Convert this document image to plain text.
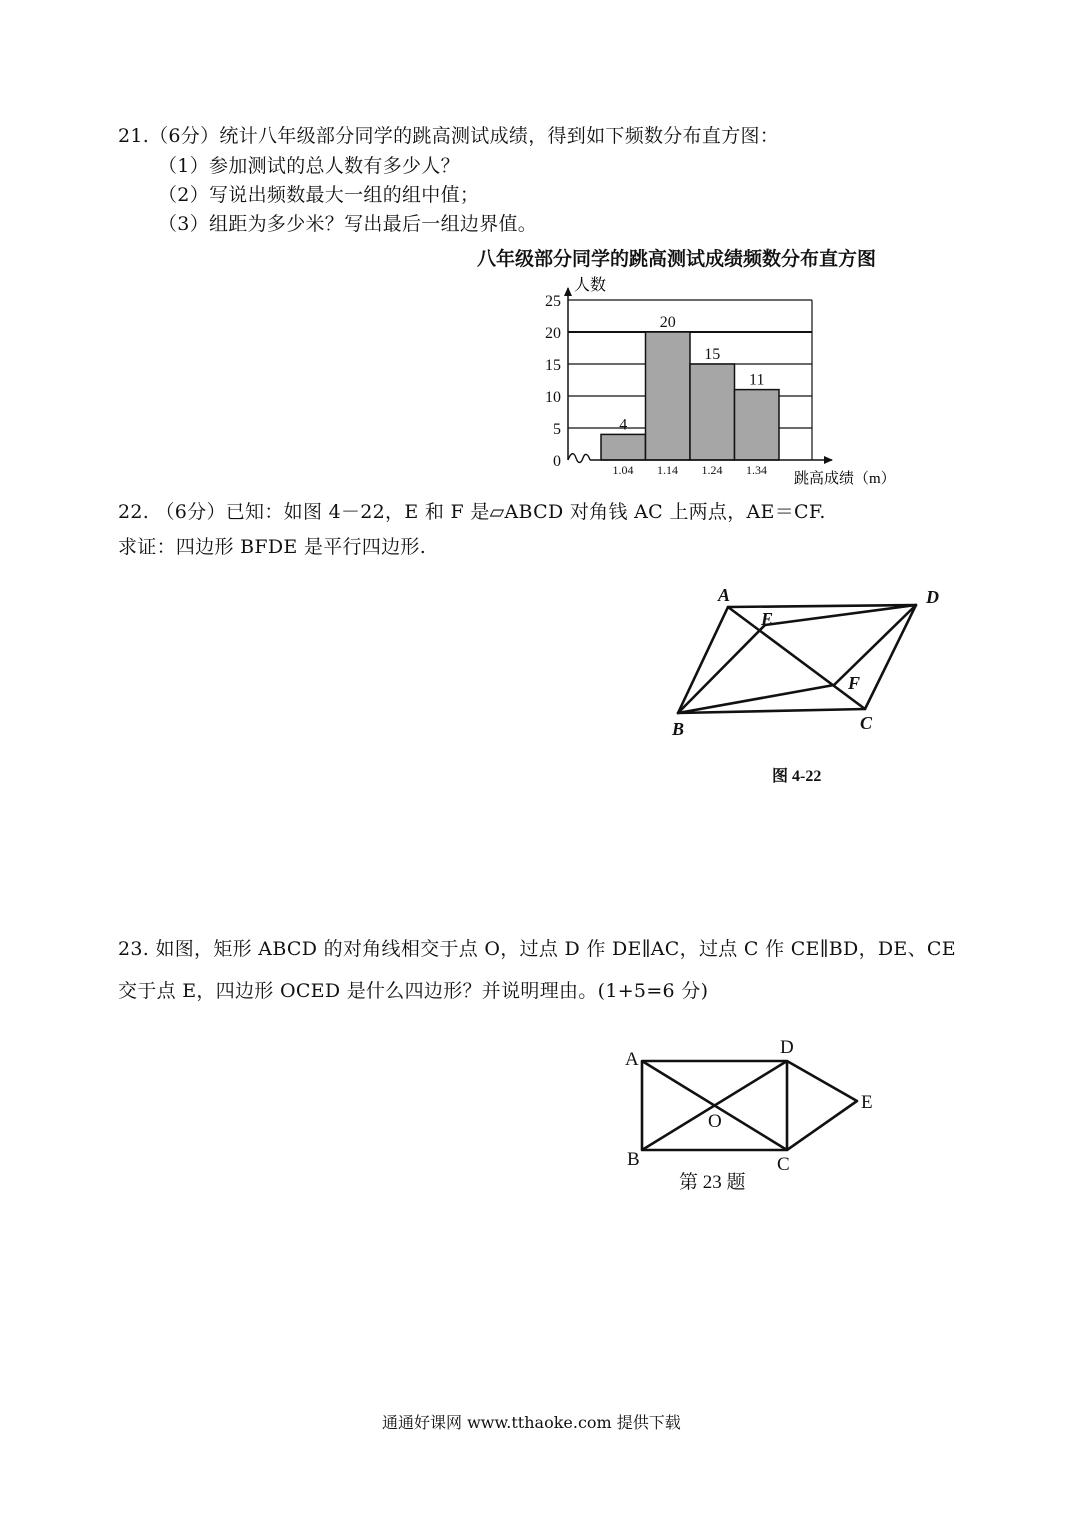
21.（6分）统计八年级部分同学的跳高测试成绩，得到如下频数分布直方图：
（1）参加测试的总人数有多少人？
（2）写说出频数最大一组的组中值；
（3）组距为多少米？写出最后一组边界值。
八年级部分同学的跳高测试成绩频数分布直方图
人数
跳高成绩（m）
0
5
10
15
20
25
1.04 1.14 1.24 1.34
4
20
15
11
22. （6分）已知：如图 4－22，E 和 F 是▱ABCD 对角钱 AC 上两点，AE＝CF.
求证：四边形 BFDE 是平行四边形.
A	D
E
F
B	C
图 4-22
23. 如图，矩形 ABCD 的对角线相交于点 O，过点 D 作 DE∥AC，过点 C 作 CE∥BD，DE、CE
交于点 E，四边形 OCED 是什么四边形？并说明理由。(1+5=6 分)
A
D
E
O
B	C
第 23 题
通通好课网 www.tthaoke.com 提供下载
